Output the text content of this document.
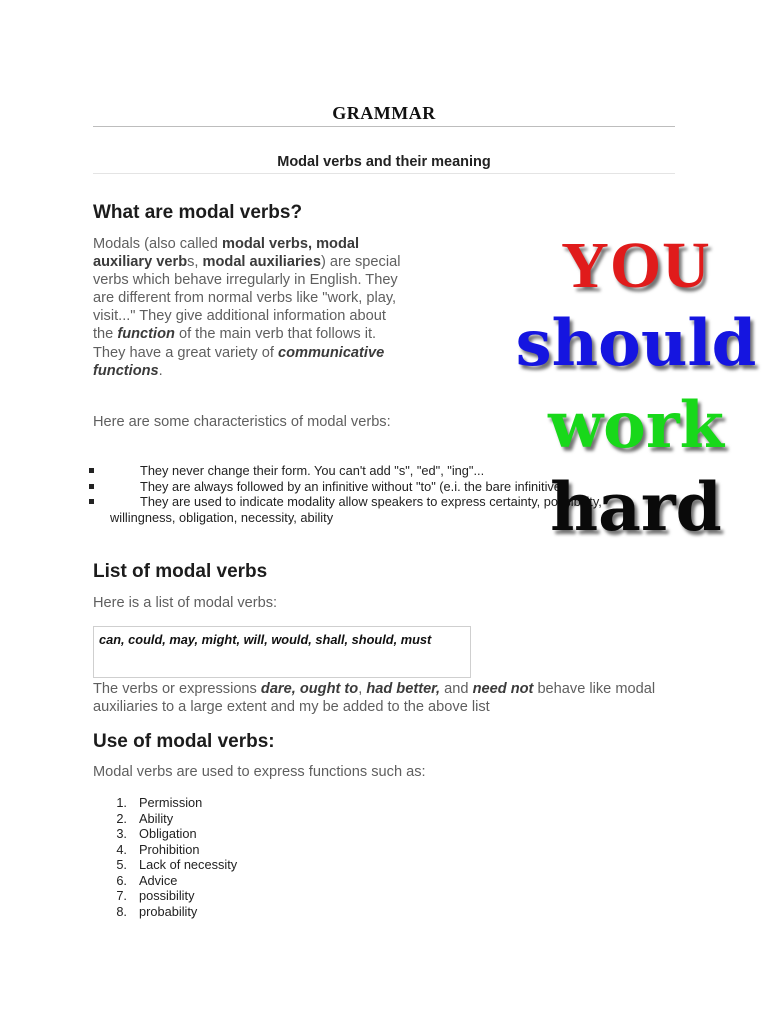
GRAMMAR
Modal verbs and their meaning
What are modal verbs?

Modals (also called modal verbs, modal auxiliary verbs, modal auxiliaries) are special verbs which behave irregularly in English. They are different from normal verbs like "work, play, visit..." They give additional information about the function of the main verb that follows it. They have a great variety of communicative functions.

Here are some characteristics of modal verbs:

They never change their form. You can't add "s", "ed", "ing"...
They are always followed by an infinitive without "to" (e.i. the bare infinitive.)
They are used to indicate modality allow speakers to express certainty, possibility, willingness, obligation, necessity, ability
YOU
should
work
hard
List of modal verbs

Here is a list of modal verbs:

can, could, may, might, will, would, shall, should, must

The verbs or expressions dare, ought to, had better, and need not behave like modal auxiliaries to a large extent and my be added to the above list

Use of modal verbs:

Modal verbs are used to express functions such as:

1. Permission
2. Ability
3. Obligation
4. Prohibition
5. Lack of necessity
6. Advice
7. possibility
8. probability
